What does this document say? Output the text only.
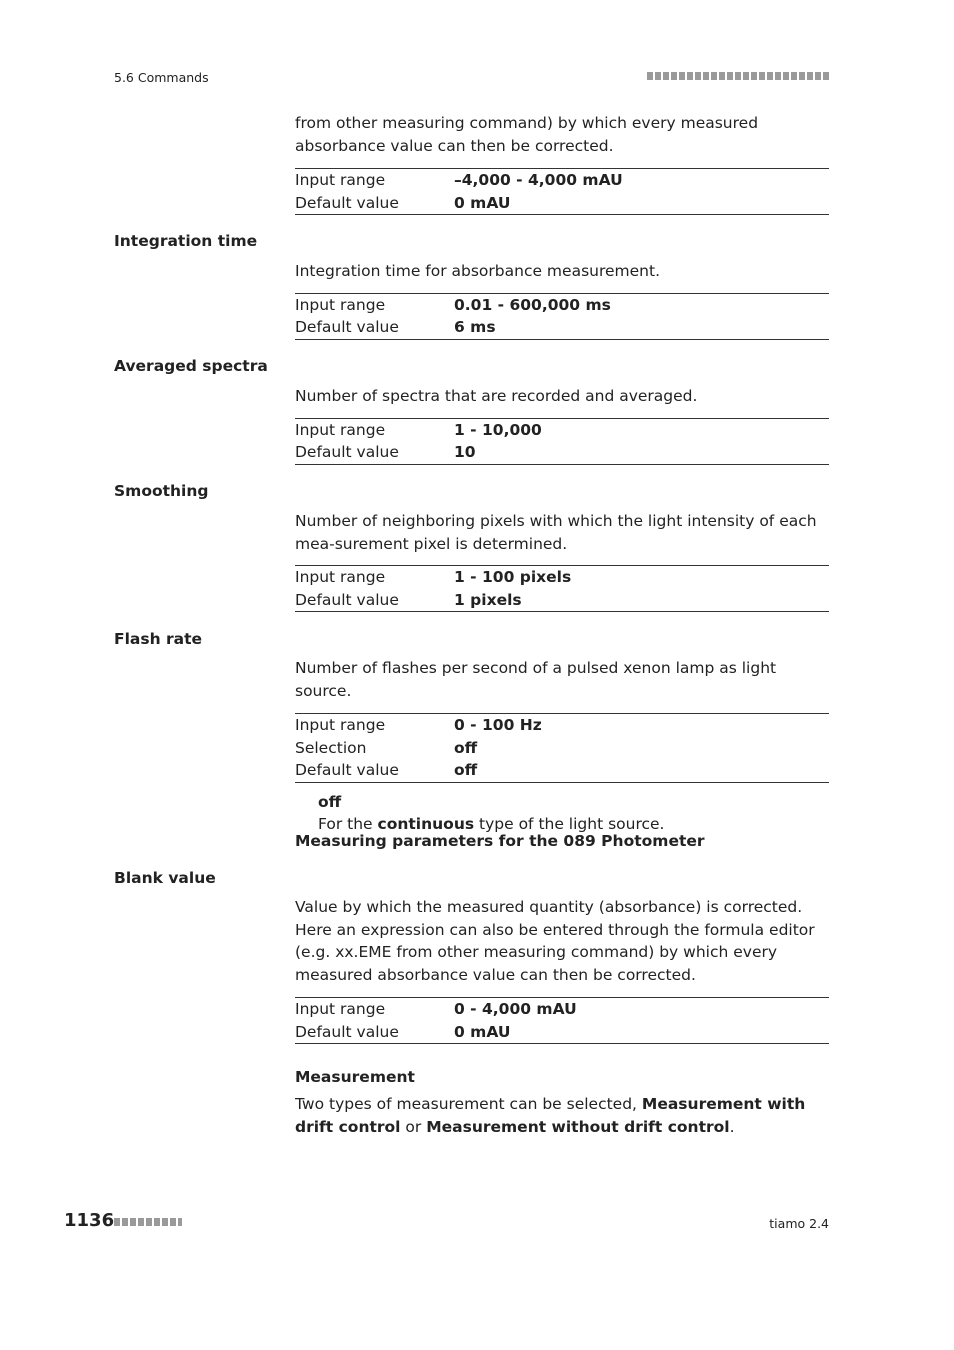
5.6 Commands

from other measuring command) by which every measured absorbance value can then be corrected.

Input range	–4,000 - 4,000 mAU
Default value	0 mAU
Integration time

Integration time for absorbance measurement.

Input range	0.01 - 600,000 ms
Default value	6 ms
Averaged spectra

Number of spectra that are recorded and averaged.

Input range	1 - 10,000
Default value	10
Smoothing

Number of neighboring pixels with which the light intensity of each mea-surement pixel is determined.

Input range	1 - 100 pixels
Default value	1 pixels
Flash rate

Number of flashes per second of a pulsed xenon lamp as light source.

Input range	0 - 100 Hz
Selection	off
Default value	off
off
For the continuous type of the light source.
Measuring parameters for the 089 Photometer
Blank value

Value by which the measured quantity (absorbance) is corrected. Here an expression can also be entered through the formula editor (e.g. xx.EME from other measuring command) by which every measured absorbance value can then be corrected.

Input range	0 - 4,000 mAU
Default value	0 mAU
Measurement

Two types of measurement can be selected, Measurement with drift control or Measurement without drift control.

1136	tiamo 2.4
